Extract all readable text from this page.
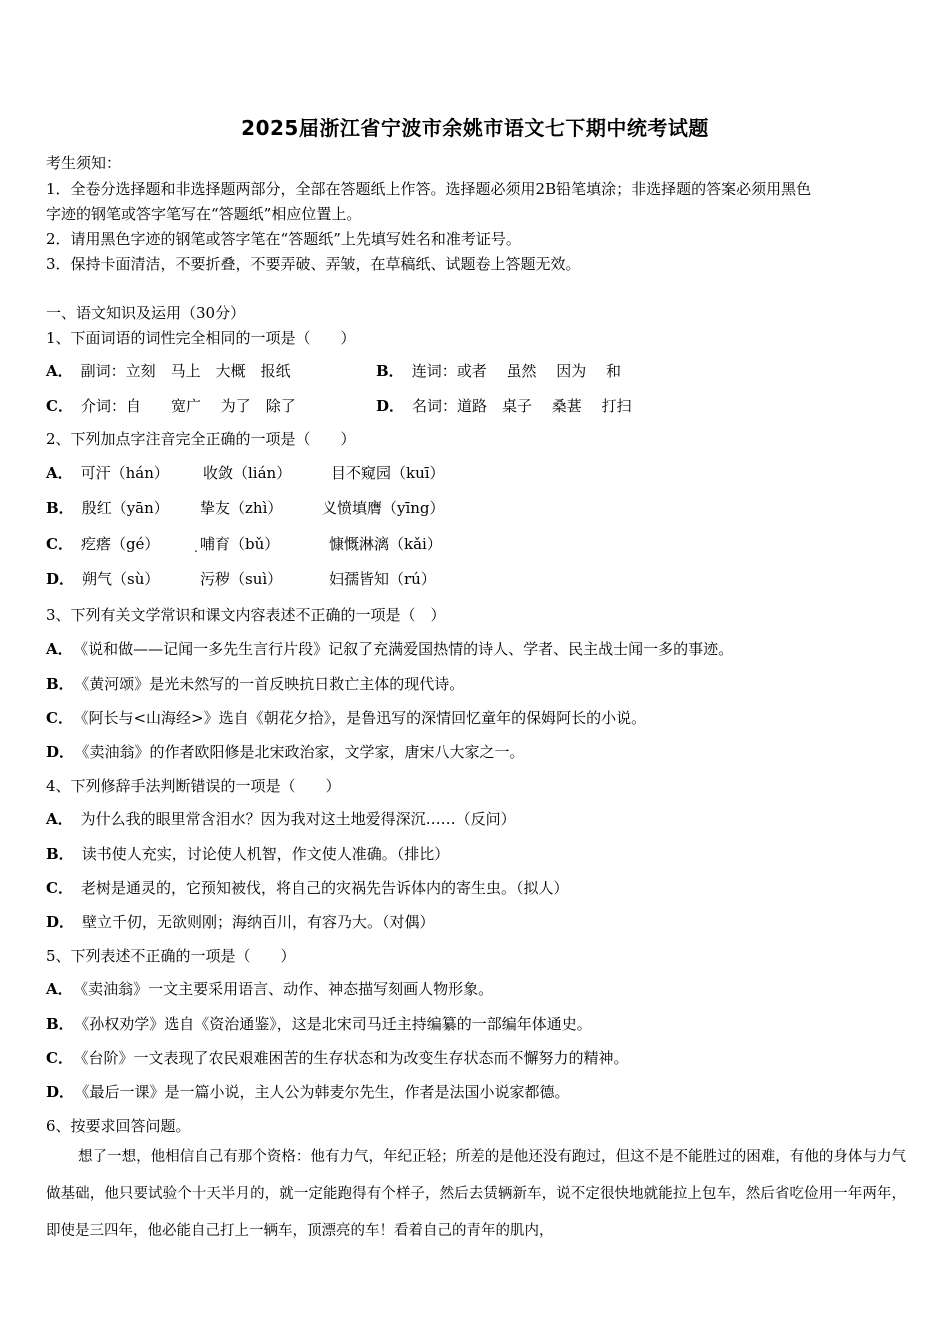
2025届浙江省宁波市余姚市语文七下期中统考试题
考生须知：
1．全卷分选择题和非选择题两部分，全部在答题纸上作答。选择题必须用2B铅笔填涂；非选择题的答案必须用黑色
字迹的钢笔或答字笔写在“答题纸”相应位置上。
2．请用黑色字迹的钢笔或答字笔在“答题纸”上先填写姓名和准考证号。
3．保持卡面清洁，不要折叠，不要弄破、弄皱，在草稿纸、试题卷上答题无效。
一、语文知识及运用（30分）
1、下面词语的词性完全相同的一项是（　　）
A． 副词：立刻　马上　大概　报纸	B． 连词：或者　 虽然　 因为　 和
C． 介词：自　　宽广　 为了　除了	D． 名词：道路　桌子　 桑葚　 打扫
2、下列加点字注音完全正确的一项是（　　）
A． 可汗（hán） 收敛（lián）	目不窥园（kuī）
B． 殷红（yān） 挚友（zhì）	义愤填膺（yīng）
C． 疙瘩（gé）	哺育（bǔ）	慷慨淋漓（kǎi）
D． 朔气（sù）	污秽（suì）	妇孺皆知（rú）
3、下列有关文学常识和课文内容表述不正确的一项是（　）
A． 《说和做——记闻一多先生言行片段》记叙了充满爱国热情的诗人、学者、民主战士闻一多的事迹。
B． 《黄河颂》是光未然写的一首反映抗日救亡主体的现代诗。
C． 《阿长与<山海经>》选自《朝花夕拾》，是鲁迅写的深情回忆童年的保姆阿长的小说。
D． 《卖油翁》的作者欧阳修是北宋政治家，文学家，唐宋八大家之一。
4、下列修辞手法判断错误的一项是（　　）
A． 为什么我的眼里常含泪水？因为我对这土地爱得深沉……（反问）
B． 读书使人充实，讨论使人机智，作文使人准确。（排比）
C． 老树是通灵的，它预知被伐，将自己的灾祸先告诉体内的寄生虫。（拟人）
D． 壁立千仞，无欲则刚；海纳百川，有容乃大。（对偶）
5、下列表述不正确的一项是（　　）
A． 《卖油翁》一文主要采用语言、动作、神态描写刻画人物形象。
B． 《孙权劝学》选自《资治通鉴》，这是北宋司马迁主持编纂的一部编年体通史。
C． 《台阶》一文表现了农民艰难困苦的生存状态和为改变生存状态而不懈努力的精神。
D． 《最后一课》是一篇小说，主人公为韩麦尔先生，作者是法国小说家都德。
6、按要求回答问题。
想了一想，他相信自己有那个资格：他有力气，年纪正轻；所差的是他还没有跑过，但这不是不能胜过的困难，有他的身体与力气做基础，他只要试验个十天半月的，就一定能跑得有个样子，然后去赁辆新车，说不定很快地就能拉上包车，然后省吃俭用一年两年，即使是三四年，他必能自己打上一辆车，顶漂亮的车！看着自己的青年的肌内，
